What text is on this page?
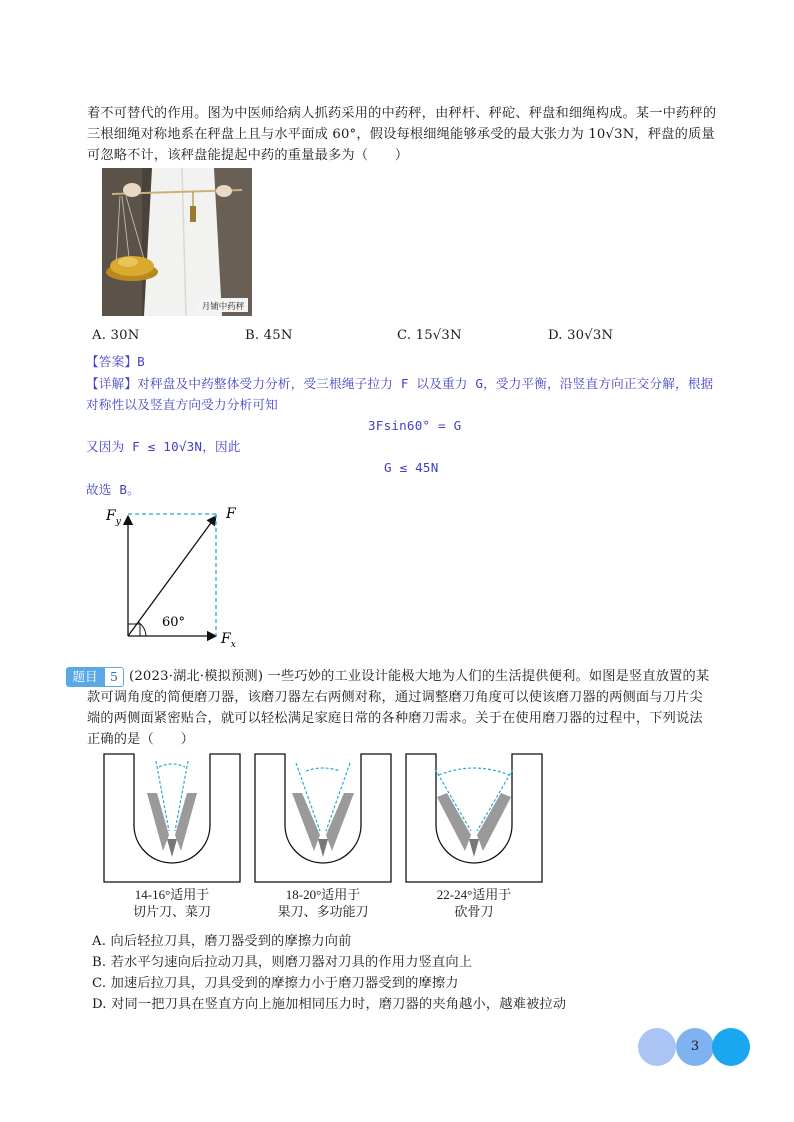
着不可替代的作用。图为中医师给病人抓药采用的中药秤，由秤杆、秤砣、秤盘和细绳构成。某一中药秤的
三根细绳对称地系在秤盘上且与水平面成 60°，假设每根细绳能够承受的最大张力为 10√3N，秤盘的质量
可忽略不计，该秤盘能提起中药的重量最多为（　　）
月铺中药秤
A. 30N	B. 45N	C. 15√3N	D. 30√3N
【答案】B
【详解】对秤盘及中药整体受力分析，受三根绳子拉力 F 以及重力 G，受力平衡，沿竖直方向正交分解，根据
对称性以及竖直方向受力分析可知
3Fsin60° = G
又因为 F ≤ 10√3N，因此
G ≤ 45N
故选 B。
$F_y$	F
$F_x$
60°
题目	5 (2023·湖北·模拟预测) 一些巧妙的工业设计能极大地为人们的生活提供便利。如图是竖直放置的某
款可调角度的简便磨刀器，该磨刀器左右两侧对称，通过调整磨刀角度可以使该磨刀器的两侧面与刀片尖
端的两侧面紧密贴合，就可以轻松满足家庭日常的各种磨刀需求。关于在使用磨刀器的过程中，下列说法
正确的是（　　）
14-16°适用于
切片刀、菜刀
18-20°适用于
果刀、多功能刀
22-24°适用于
砍骨刀
A. 向后轻拉刀具，磨刀器受到的摩擦力向前
B. 若水平匀速向后拉动刀具，则磨刀器对刀具的作用力竖直向上
C. 加速后拉刀具，刀具受到的摩擦力小于磨刀器受到的摩擦力
D. 对同一把刀具在竖直方向上施加相同压力时，磨刀器的夹角越小，越难被拉动
3
